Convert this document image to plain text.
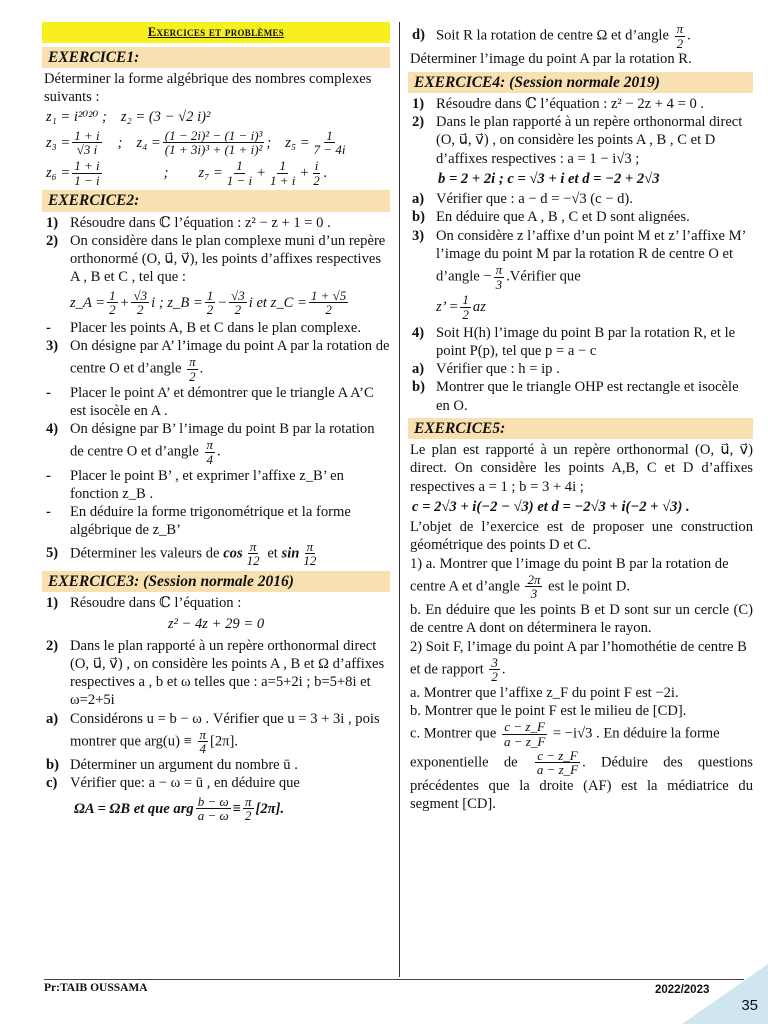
Exercices et problèmes
EXERCICE1:

Déterminer la forme algébrique des nombres complexes suivants :

z₁ = i²⁰²⁰ ; z₂ = (3 − √2 i)²
$z_3 = \frac{1 + i}{√3 i}$ ; $z_4 = \frac{\text{(1 − 2i)² − (1 − i)³}}{\text{(1 + 3i)³ + (1 + i)²}}$ ; $z_5 = \frac{1}{7 - 4i}$
$z_6 = \frac{1 + i}{1 - i}$	; $z_7 = \frac{1}{1 - i} + \frac{1}{1 + i} + \frac{i}{2}$ .
EXERCICE2:
1) Résoudre dans ℂ l’équation : z² − z + 1 = 0 .
2) On considère dans le plan complexe muni d’un repère orthonormé (O, u⃗, v⃗), les points d’affixes respectives A , B et C , tel que :
z_A = $\frac{1}{2} + \frac{√3}{2}$ i ;
z_B = $\frac{1}{2} - \frac{√3}{2}$ i et
z_C = $\frac{1 + √5}{2}$
-	Placer les points A, B et C dans le plan complexe.
3) On désigne par A’ l’image du point A par la rotation de centre O et d’angle $\frac{\pi}{2}$ .
-	Placer le point A’ et démontrer que le triangle A A’C est isocèle en A .
4) On désigne par B’ l’image du point B par la rotation de centre O et d’angle $\frac{\pi}{4}$ .
-	Placer le point B’ , et exprimer l’affixe z_B’ en fonction z_B .
-	En déduire la forme trigonométrique et la forme algébrique de z_B’
5) Déterminer les valeurs de $\cos \frac{\pi}{12}$ et $\sin \frac{\pi}{12}$
EXERCICE3: (Session normale 2016)
1) Résoudre dans ℂ l’équation :
z² − 4z + 29 = 0
2) Dans le plan rapporté à un repère orthonormal direct (O, u⃗, v⃗) , on considère les points A , B et Ω d’affixes respectives a , b et ω telles que : a=5+2i ; b=5+8i et ω=2+5i
a) Considérons u = b − ω . Vérifier que u = 3 + 3i , pois montrer que $arg(u) \equiv \frac{\pi}{4} [2\pi]$.
b) Déterminer un argument du nombre ū .
c) Vérifier que: a − ω = ū , en déduire que
ΩA = ΩB et que arg $\frac{b - \omega}{a - \omega} \equiv \frac{\pi}{2} [2\pi]$.
d) Soit R la rotation de centre Ω et d’angle $\frac{\pi}{2}$ .

Déterminer l’image du point A par la rotation R.

EXERCICE4: (Session normale 2019)
1) Résoudre dans ℂ l’équation : z² − 2z + 4 = 0 .
2) Dans le plan rapporté à un repère orthonormal direct (O, u⃗, v⃗) , on considère les points A , B , C et D d’affixes respectives : a = 1 − i√3 ;
b = 2 + 2i ; c = √3 + i et d = −2 + 2√3
a) Vérifier que : a − d = −√3 (c − d).
b) En déduire que A , B , C et D sont alignées.
3) On considère z l’affixe d’un point M et z’ l’affixe M’ l’image du point M par la rotation R de centre O et d’angle − $\frac{\pi}{3}$ .Vérifier que
z’ = $\frac{1}{2}$ az
4) Soit H(h) l’image du point B par la rotation R, et le point P(p), tel que p = a − c
a) Vérifier que : h = ip .
b) Montrer que le triangle OHP est rectangle et isocèle en O.
EXERCICE5:

Le plan est rapporté à un repère orthonormal (O, u⃗, v⃗) direct. On considère les points A,B, C et D d’affixes respectives a = 1 ; b = 3 + 4i ;

c = 2√3 + i(−2 − √3) et d = −2√3 + i(−2 + √3) .

L’objet de l’exercice est de proposer une construction géométrique des points D et C.

1) a. Montrer que l’image du point B par la rotation de centre A et d’angle $\frac{2\pi}{3}$ est le point D.

b. En déduire que les points B et D sont sur un cercle (C) de centre A dont on déterminera le rayon.

2) Soit F, l’image du point A par l’homothétie de centre B et de rapport $\frac{3}{2}$ .

a. Montrer que l’affixe z_F du point F est −2i.

b. Montrer que le point F est le milieu de [CD].

c. Montrer que $\frac{c - z\_F}{a - z\_F} = -i√3$ . En déduire la forme

exponentielle de $\frac{c - z\_F}{a - z\_F}$ . Déduire des questions précédentes que la droite (AF) est la médiatrice du segment [CD].

Pr:TAIB OUSSAMA	2022/2023
35
